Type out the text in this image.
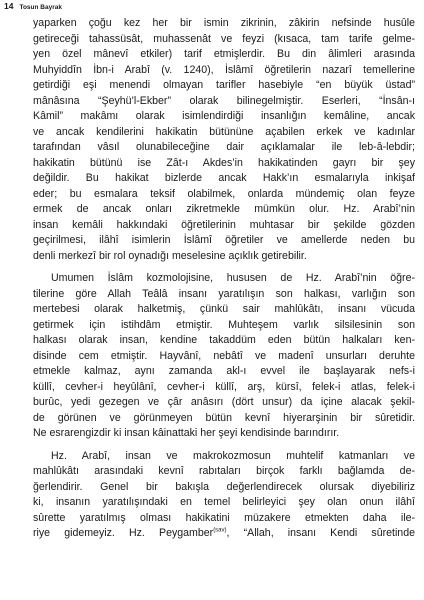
14 Tosun Bayrak

yaparken çoğu kez her bir ismin zikrinin, zâkirin nefsinde husûle
getireceği tahassüsât, muhassenât ve feyzi (kısaca, tam tarife gelme-
yen özel mânevî etkiler) tarif etmişlerdir. Bu din âlimleri arasında
Muhyiddîn İbn-i Arabî (v. 1240), İslâmî öğretilerin nazarî temellerine
getirdiği eşi menendi olmayan tarifler hasebiyle “en büyük üstad”
mânâsına “Şeyhü’l-Ekber” olarak bilinegelmiştir. Eserleri, “İnsân-ı
Kâmil” makâmı olarak isimlendirdiği insanlığın kemâline, ancak
ve ancak kendilerini hakikatin bütününe açabilen erkek ve kadınlar
tarafından vâsıl olunabileceğine dair açıklamalar ile leb-â-lebdir;
hakikatin bütünü ise Zât-ı Akdes’in hakikatinden gayrı bir şey
değildir. Bu hakikat bizlerde ancak Hakk’ın esmalarıyla inkişaf
eder; bu esmalara teksif olabilmek, onlarda mündemiç olan feyze
ermek de ancak onları zikretmekle mümkün olur. Hz. Arabî’nin
insan kemâli hakkındaki öğretilerinin muhtasar bir şekilde gözden
geçirilmesi, ilâhî isimlerin İslâmî öğretiler ve amellerde neden bu
denli merkezî bir rol oynadığı meselesine açıklık getirebilir.

Umumen İslâm kozmolojisine, hususen de Hz. Arabî’nin öğre-
tilerine göre Allah Teâlâ insanı yaratılışın son halkası, varlığın son
mertebesi olarak halketmiş, çünkü sair mahlûkâtı, insanı vücuda
getirmek için istihdâm etmiştir. Muhteşem varlık silsilesinin son
halkası olarak insan, kendine takaddüm eden bütün halkaları ken-
disinde cem etmiştir. Hayvânî, nebâtî ve madenî unsurları deruhte
etmekle kalmaz, aynı zamanda akl-ı evvel ile başlayarak nefs-i
küllî, cevher-i heyûlânî, cevher-i küllî, arş, kürsî, felek-i atlas, felek-i
burûc, yedi gezegen ve çâr anâsırı (dört unsur) da içine alacak şekil-
de görünen ve görünmeyen bütün kevnî hiyerarşinin bir sûretidir.
Ne esrarengizdir ki insan kâinattaki her şeyi kendisinde barındırır.

Hz. Arabî, insan ve makrokozmosun muhtelif katmanları ve
mahlûkâtı arasındaki kevnî rabıtaları birçok farklı bağlamda de-
ğerlendirir. Genel bir bakışla değerlendirecek olursak diyebiliriz
ki, insanın yaratılışındaki en temel belirleyici şey olan onun ilâhî
sûrette yaratılmış olması hakikatini müzakere etmekten daha ile-
riye gidemeyiz. Hz. Peygamber$^{(sav)}$, “Allah, insanı Kendi sûretinde
